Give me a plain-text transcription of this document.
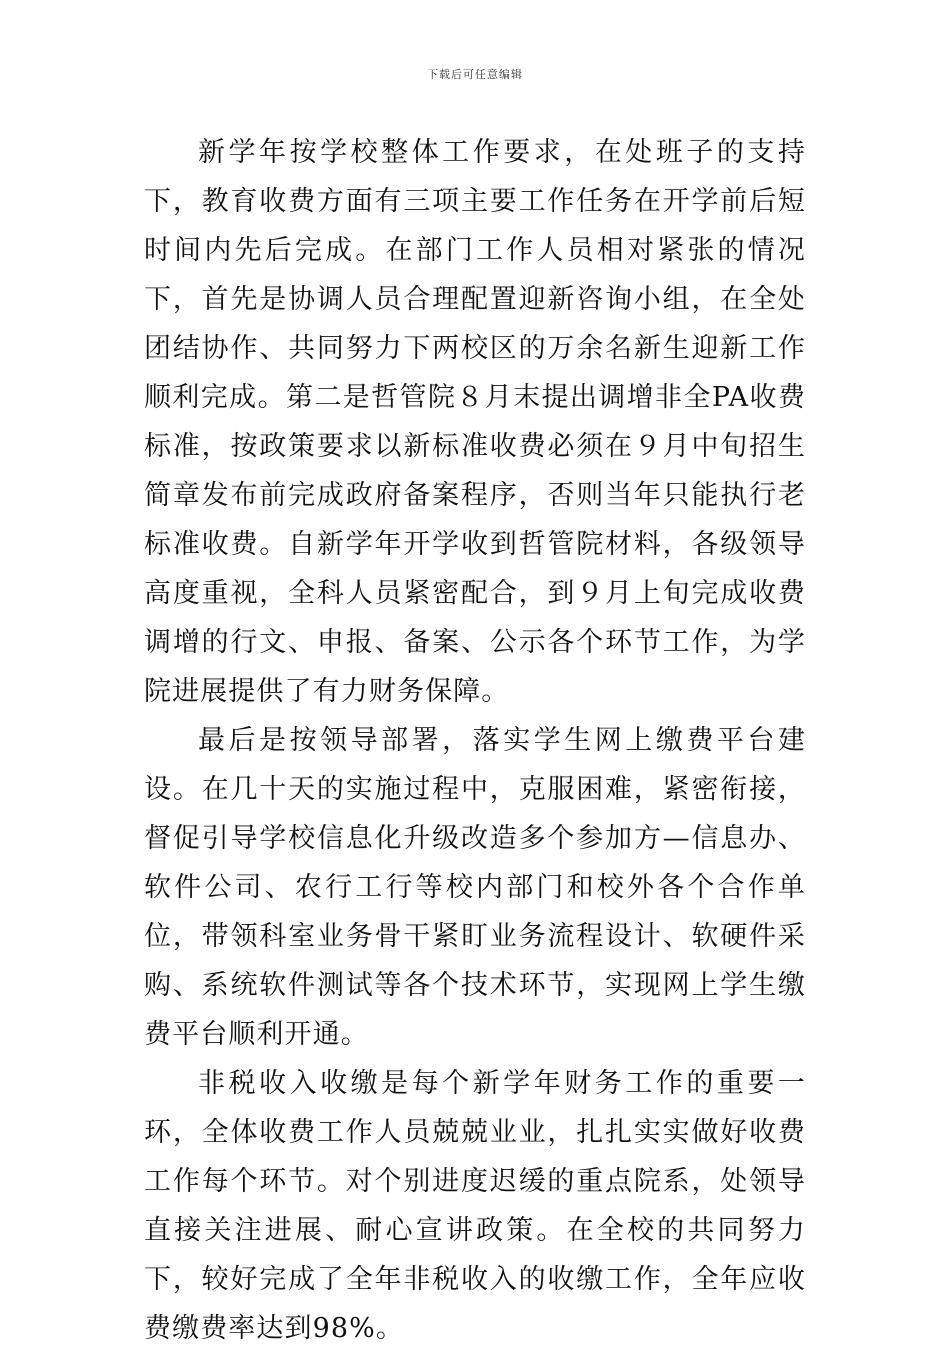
下载后可任意编辑

新学年按学校整体工作要求，在处班子的支持下，教育收费方面有三项主要工作任务在开学前后短时间内先后完成。在部门工作人员相对紧张的情况下，首先是协调人员合理配置迎新咨询小组，在全处团结协作、共同努力下两校区的万余名新生迎新工作顺利完成。第二是哲管院８月末提出调增非全PA收费标准，按政策要求以新标准收费必须在９月中旬招生简章发布前完成政府备案程序，否则当年只能执行老标准收费。自新学年开学收到哲管院材料，各级领导高度重视，全科人员紧密配合，到９月上旬完成收费调增的行文、申报、备案、公示各个环节工作，为学院进展提供了有力财务保障。

最后是按领导部署，落实学生网上缴费平台建设。在几十天的实施过程中，克服困难，紧密衔接，督促引导学校信息化升级改造多个参加方—信息办、软件公司、农行工行等校内部门和校外各个合作单位，带领科室业务骨干紧盯业务流程设计、软硬件采购、系统软件测试等各个技术环节，实现网上学生缴费平台顺利开通。

非税收入收缴是每个新学年财务工作的重要一环，全体收费工作人员兢兢业业，扎扎实实做好收费工作每个环节。对个别进度迟缓的重点院系，处领导直接关注进展、耐心宣讲政策。在全校的共同努力下，较好完成了全年非税收入的收缴工作，全年应收费缴费率达到98%。
